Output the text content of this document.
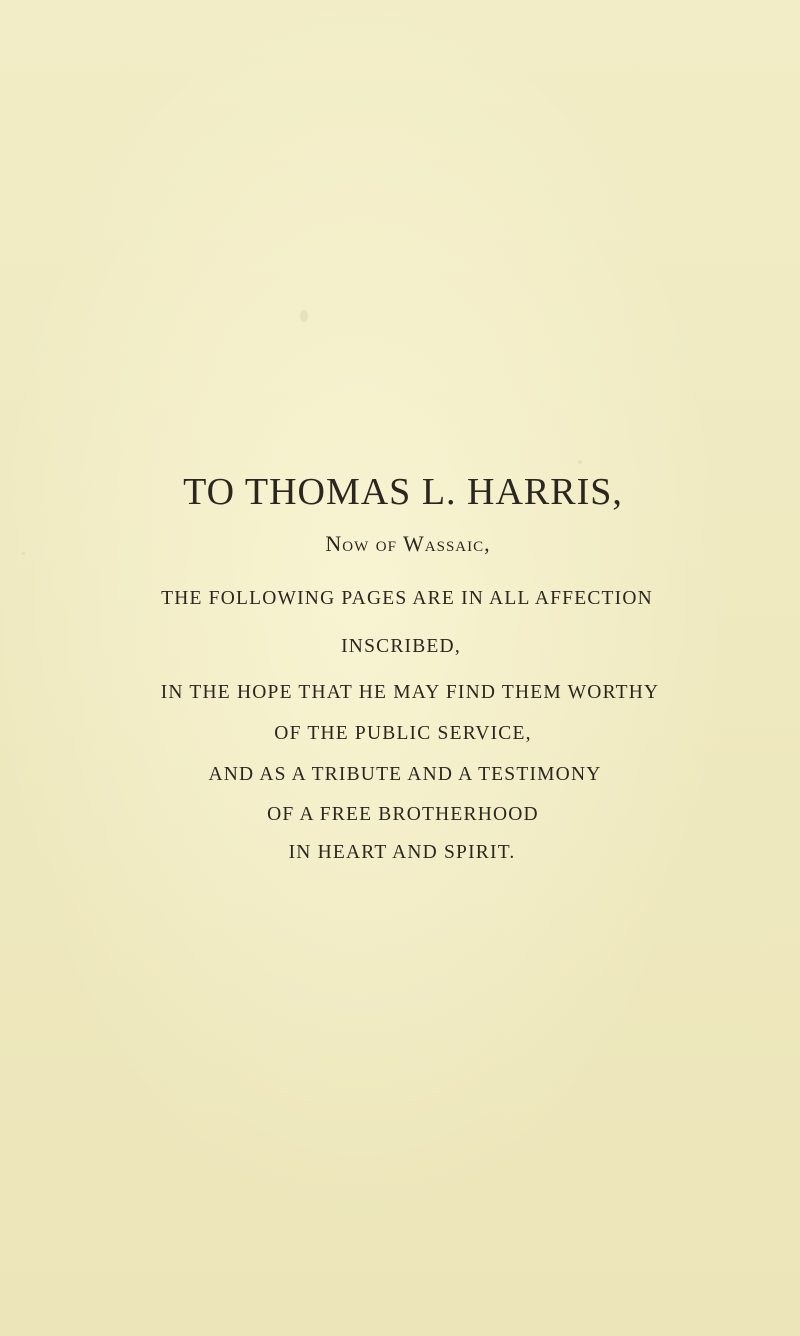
TO THOMAS L. HARRIS,
Now of Wassaic,
THE FOLLOWING PAGES ARE IN ALL AFFECTION
INSCRIBED,
IN THE HOPE THAT HE MAY FIND THEM WORTHY
OF THE PUBLIC SERVICE,
AND AS A TRIBUTE AND A TESTIMONY
OF A FREE BROTHERHOOD
IN HEART AND SPIRIT.
